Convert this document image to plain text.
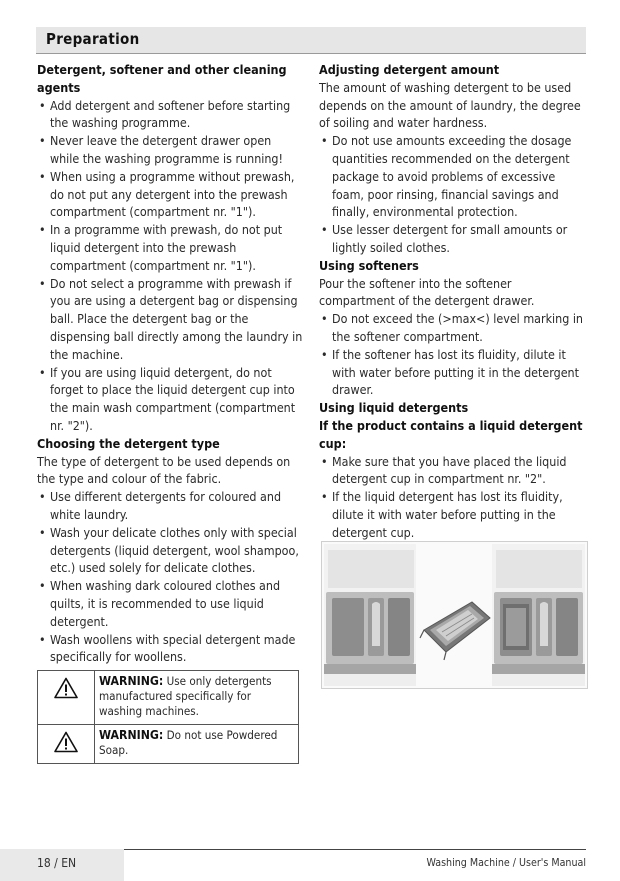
Preparation

Detergent, softener and other cleaning agents

• Add detergent and softener before starting the washing programme.
• Never leave the detergent drawer open while the washing programme is running!
• When using a programme without prewash, do not put any detergent into the prewash compartment (compartment nr. "1").
• In a programme with prewash, do not put liquid detergent into the prewash compartment (compartment nr. "1").
• Do not select a programme with prewash if you are using a detergent bag or dispensing ball. Place the detergent bag or the dispensing ball directly among the laundry in the machine.
• If you are using liquid detergent, do not forget to place the liquid detergent cup into the main wash compartment (compartment nr. "2").

Choosing the detergent type

The type of detergent to be used depends on the type and colour of the fabric.

• Use different detergents for coloured and white laundry.
• Wash your delicate clothes only with special detergents (liquid detergent, wool shampoo, etc.) used solely for delicate clothes.
• When washing dark coloured clothes and quilts, it is recommended to use liquid detergent.
• Wash woollens with special detergent made specifically for woollens.
	WARNING: Use only detergents manufactured specifically for washing machines.
	WARNING: Do not use Powdered Soap.

Adjusting detergent amount

The amount of washing detergent to be used depends on the amount of laundry, the degree of soiling and water hardness.

• Do not use amounts exceeding the dosage quantities recommended on the detergent package to avoid problems of excessive foam, poor rinsing, financial savings and finally, environmental protection.
• Use lesser detergent for small amounts or lightly soiled clothes.

Using softeners

Pour the softener into the softener compartment of the detergent drawer.

• Do not exceed the (>max<) level marking in the softener compartment.
• If the softener has lost its fluidity, dilute it with water before putting it in the detergent drawer.

Using liquid detergents

If the product contains a liquid detergent cup:

• Make sure that you have placed the liquid detergent cup in compartment nr. "2".
• If the liquid detergent has lost its fluidity, dilute it with water before putting in the detergent cup.
18 / EN	Washing Machine / User's Manual
